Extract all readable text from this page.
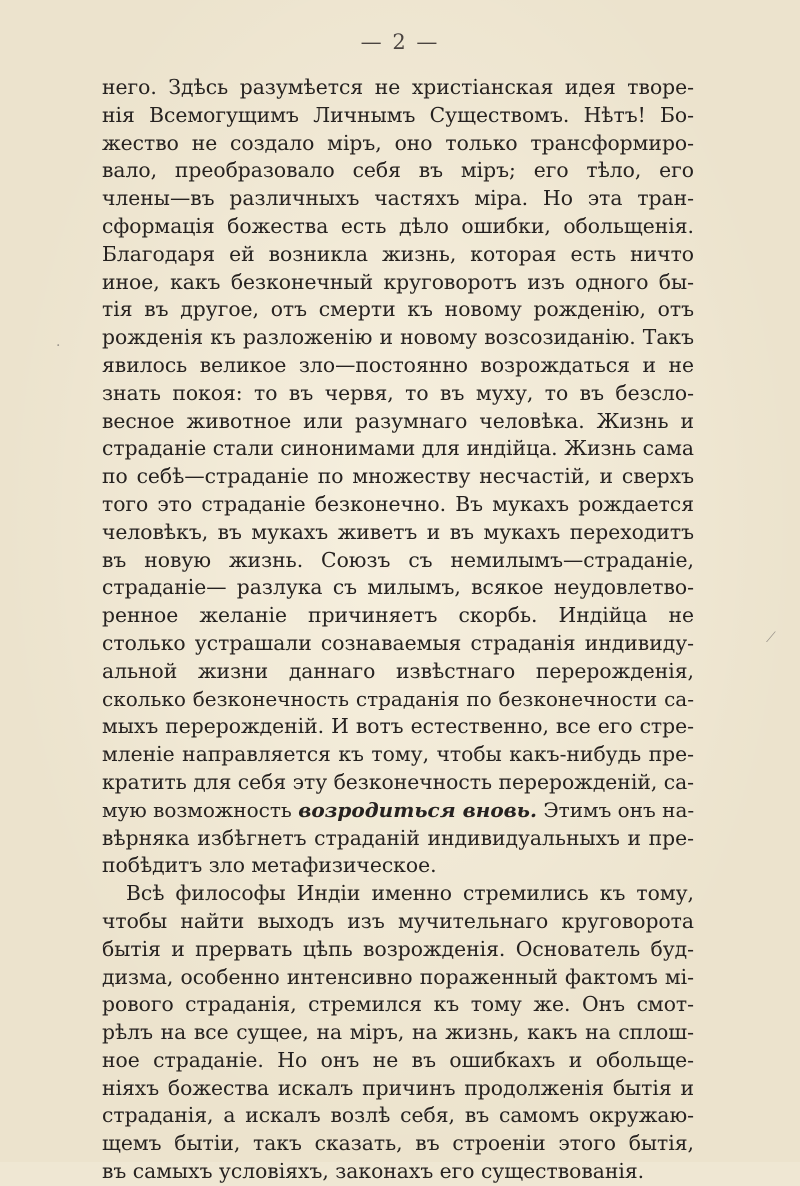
— 2 —
него. Здѣсь разумѣется не христіанская идея творе-
нія Всемогущимъ Личнымъ Существомъ. Нѣтъ! Бо-
жество не создало міръ, оно только трансформиро-
вало, преобразовало себя въ міръ; его тѣло, его
члены—въ различныхъ частяхъ міра. Но эта тран-
сформація божества есть дѣло ошибки, обольщенія.
Благодаря ей возникла жизнь, которая есть ничто
иное, какъ безконечный круговоротъ изъ одного бы-
тія въ другое, отъ смерти къ новому рожденію, отъ
рожденія къ разложенію и новому возсозиданію. Такъ
явилось великое зло—постоянно возрождаться и не
знать покоя: то въ червя, то въ муху, то въ безсло-
весное животное или разумнаго человѣка. Жизнь и
страданіе стали синонимами для индійца. Жизнь сама
по себѣ—страданіе по множеству несчастій, и сверхъ
того это страданіе безконечно. Въ мукахъ рождается
человѣкъ, въ мукахъ живетъ и въ мукахъ переходитъ
въ новую жизнь. Союзъ съ немилымъ—страданіе,
страданіе— разлука съ милымъ, всякое неудовлетво-
ренное желаніе причиняетъ скорбь. Индійца не
столько устрашали сознаваемыя страданія индивиду-
альной жизни даннаго извѣстнаго перерожденія,
сколько безконечность страданія по безконечности са-
мыхъ перерожденій. И вотъ естественно, все его стре-
мленіе направляется къ тому, чтобы какъ-нибудь пре-
кратить для себя эту безконечность перерожденій, са-
мую возможность возродиться вновь. Этимъ онъ на-
вѣрняка избѣгнетъ страданій индивидуальныхъ и пре-
побѣдитъ зло метафизическое.
Всѣ философы Индіи именно стремились къ тому,
чтобы найти выходъ изъ мучительнаго круговорота
бытія и прервать цѣпь возрожденія. Основатель буд-
дизма, особенно интенсивно пораженный фактомъ мі-
рового страданія, стремился къ тому же. Онъ смот-
рѣлъ на все сущее, на міръ, на жизнь, какъ на сплош-
ное страданіе. Но онъ не въ ошибкахъ и обольще-
ніяхъ божества искалъ причинъ продолженія бытія и
страданія, а искалъ возлѣ себя, въ самомъ окружаю-
щемъ бытіи, такъ сказать, въ строеніи этого бытія,
въ самыхъ условіяхъ, законахъ его существованія.
·
⟋
